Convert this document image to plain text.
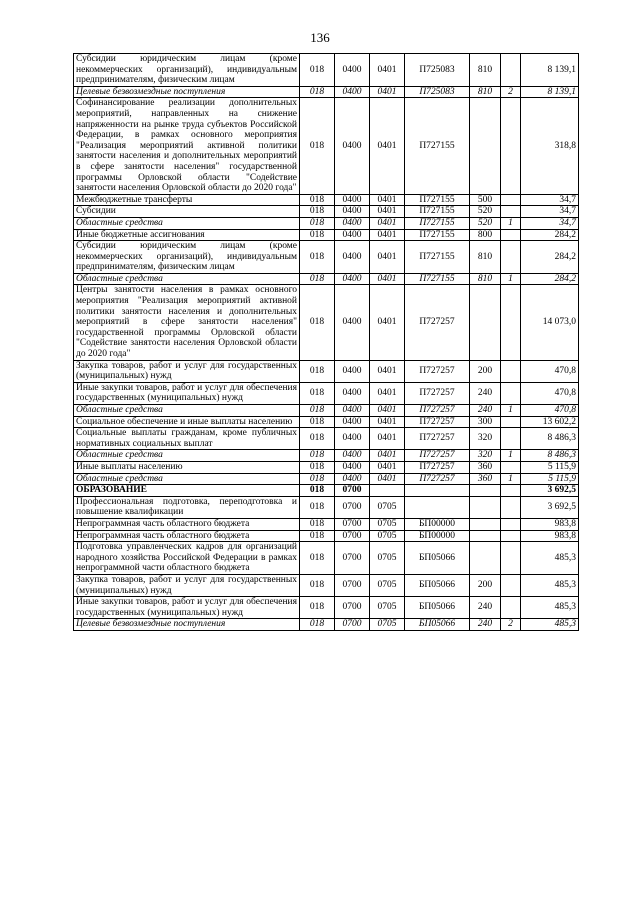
136
Субсидии юридическим лицам (кроме некоммерческих организаций), индивидуальным предпринимателям, физическим лицам	018	0400	0401	П725083	810		8 139,1
Целевые безвозмездные поступления	018	0400	0401	П725083	810	2	8 139,1
Софинансирование реализации дополнительных мероприятий, направленных на снижение напряженности на рынке труда субъектов Российской Федерации, в рамках основного мероприятия "Реализация мероприятий активной политики занятости населения и дополнительных мероприятий в сфере занятости населения" государственной программы Орловской области "Содействие занятости населения Орловской области до 2020 года"	018	0400	0401	П727155			318,8
Межбюджетные трансферты	018	0400	0401	П727155	500		34,7
Субсидии	018	0400	0401	П727155	520		34,7
Областные средства	018	0400	0401	П727155	520	1	34,7
Иные бюджетные ассигнования	018	0400	0401	П727155	800		284,2
Субсидии юридическим лицам (кроме некоммерческих организаций), индивидуальным предпринимателям, физическим лицам	018	0400	0401	П727155	810		284,2
Областные средства	018	0400	0401	П727155	810	1	284,2
Центры занятости населения в рамках основного мероприятия "Реализация мероприятий активной политики занятости населения и дополнительных мероприятий в сфере занятости населения" государственной программы Орловской области "Содействие занятости населения Орловской области до 2020 года"	018	0400	0401	П727257			14 073,0
Закупка товаров, работ и услуг для государственных (муниципальных) нужд	018	0400	0401	П727257	200		470,8
Иные закупки товаров, работ и услуг для обеспечения государственных (муниципальных) нужд	018	0400	0401	П727257	240		470,8
Областные средства	018	0400	0401	П727257	240	1	470,8
Социальное обеспечение и иные выплаты населению	018	0400	0401	П727257	300		13 602,2
Социальные выплаты гражданам, кроме публичных нормативных социальных выплат	018	0400	0401	П727257	320		8 486,3
Областные средства	018	0400	0401	П727257	320	1	8 486,3
Иные выплаты населению	018	0400	0401	П727257	360		5 115,9
Областные средства	018	0400	0401	П727257	360	1	5 115,9
ОБРАЗОВАНИЕ	018	0700					3 692,5
Профессиональная подготовка, переподготовка и повышение квалификации	018	0700	0705				3 692,5
Непрограммная часть областного бюджета	018	0700	0705	БП00000			983,8
Непрограммная часть областного бюджета	018	0700	0705	БП00000			983,8
Подготовка управленческих кадров для организаций народного хозяйства Российской Федерации в рамках непрограммной части областного бюджета	018	0700	0705	БП05066			485,3
Закупка товаров, работ и услуг для государственных (муниципальных) нужд	018	0700	0705	БП05066	200		485,3
Иные закупки товаров, работ и услуг для обеспечения государственных (муниципальных) нужд	018	0700	0705	БП05066	240		485,3
Целевые безвозмездные поступления	018	0700	0705	БП05066	240	2	485,3
